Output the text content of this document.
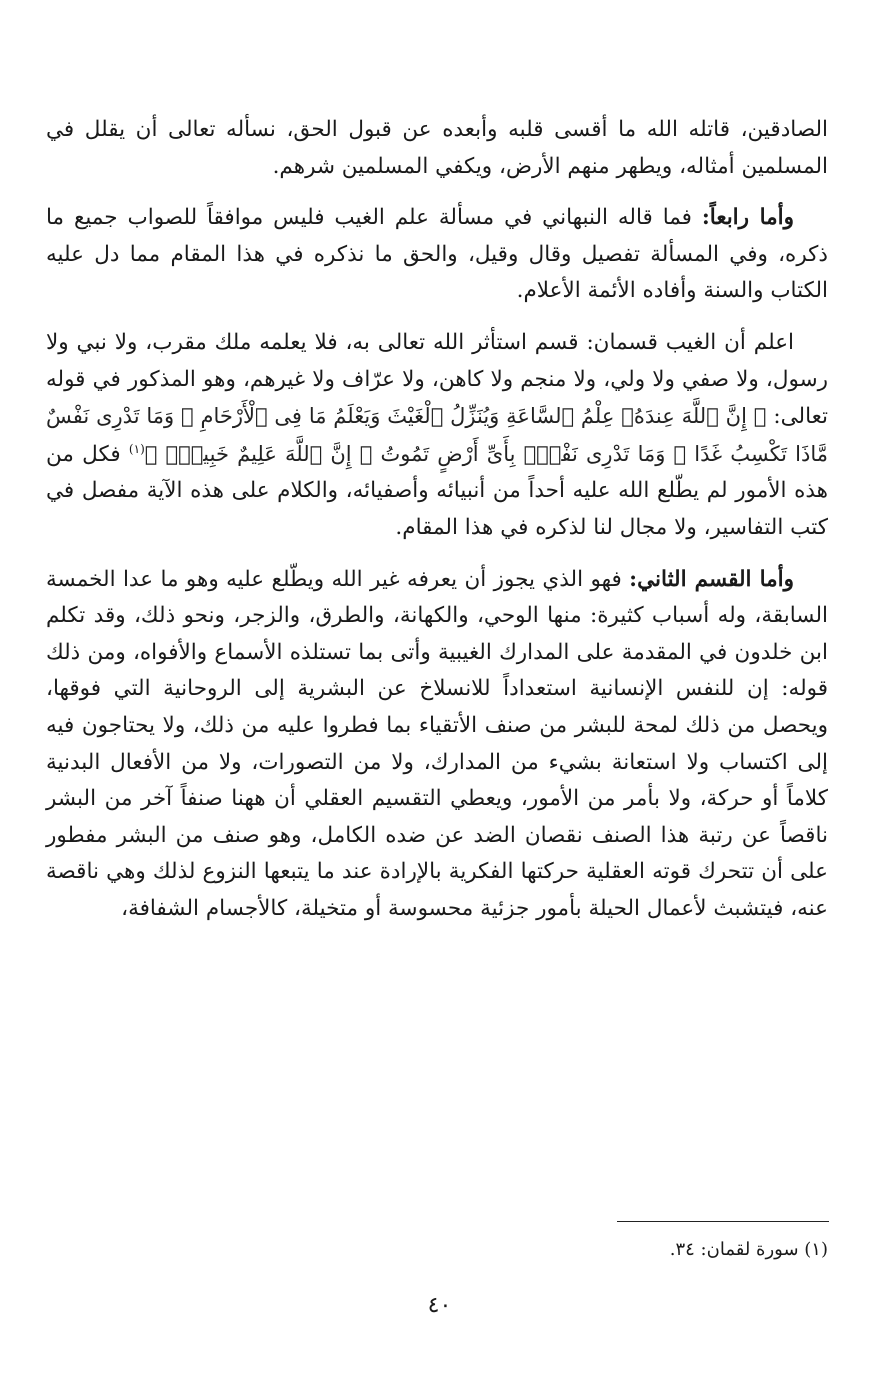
الصادقين، قاتله الله ما أقسى قلبه وأبعده عن قبول الحق، نسأله تعالى أن يقلل في المسلمين أمثاله، ويطهر منهم الأرض، ويكفي المسلمين شرهم.

وأما رابعاً: فما قاله النبهاني في مسألة علم الغيب فليس موافقاً للصواب جميع ما ذكره، وفي المسألة تفصيل وقال وقيل، والحق ما نذكره في هذا المقام مما دل عليه الكتاب والسنة وأفاده الأئمة الأعلام.

اعلم أن الغيب قسمان: قسم استأثر الله تعالى به، فلا يعلمه ملك مقرب، ولا نبي ولا رسول، ولا صفي ولا ولي، ولا منجم ولا كاهن، ولا عرّاف ولا غيرهم، وهو المذكور في قوله تعالى: ﴿ إِنَّ ٱللَّهَ عِندَهُۥ عِلْمُ ٱلسَّاعَةِ وَيُنَزِّلُ ٱلْغَيْثَ وَيَعْلَمُ مَا فِى ٱلْأَرْحَامِ ۖ وَمَا تَدْرِى نَفْسٌ مَّاذَا تَكْسِبُ غَدًا ۖ وَمَا تَدْرِى نَفْسٌۢ بِأَىِّ أَرْضٍ تَمُوتُ ۚ إِنَّ ٱللَّهَ عَلِيمٌ خَبِيرٌۢ ﴾$^{(١)}$ فكل من هذه الأمور لم يطّلع الله عليه أحداً من أنبيائه وأصفيائه، والكلام على هذه الآية مفصل في كتب التفاسير، ولا مجال لنا لذكره في هذا المقام.

وأما القسم الثاني: فهو الذي يجوز أن يعرفه غير الله ويطّلع عليه وهو ما عدا الخمسة السابقة، وله أسباب كثيرة: منها الوحي، والكهانة، والطرق، والزجر، ونحو ذلك، وقد تكلم ابن خلدون في المقدمة على المدارك الغيبية وأتى بما تستلذه الأسماع والأفواه، ومن ذلك قوله: إن للنفس الإنسانية استعداداً للانسلاخ عن البشرية إلى الروحانية التي فوقها، ويحصل من ذلك لمحة للبشر من صنف الأتقياء بما فطروا عليه من ذلك، ولا يحتاجون فيه إلى اكتساب ولا استعانة بشيء من المدارك، ولا من التصورات، ولا من الأفعال البدنية كلاماً أو حركة، ولا بأمر من الأمور، ويعطي التقسيم العقلي أن ههنا صنفاً آخر من البشر ناقصاً عن رتبة هذا الصنف نقصان الضد عن ضده الكامل، وهو صنف من البشر مفطور على أن تتحرك قوته العقلية حركتها الفكرية بالإرادة عند ما يتبعها النزوع لذلك وهي ناقصة عنه، فيتشبث لأعمال الحيلة بأمور جزئية محسوسة أو متخيلة، كالأجسام الشفافة،

(١) سورة لقمان: ٣٤.
٤٠
